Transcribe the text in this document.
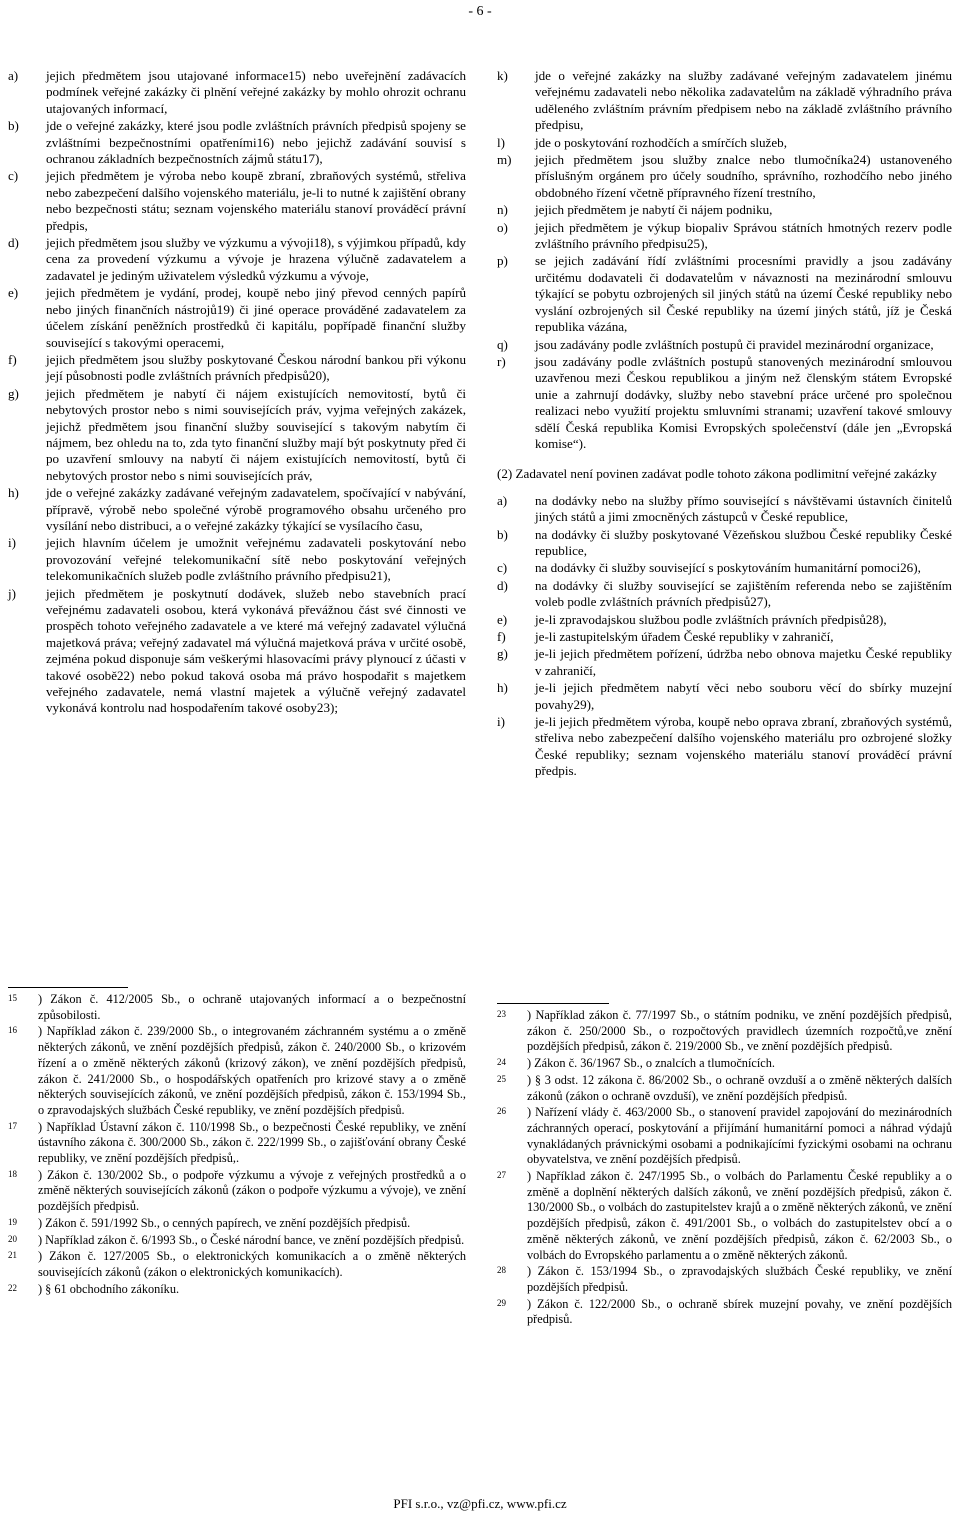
- 6 -
a)	jejich předmětem jsou utajované informace15) nebo uveřejnění zadávacích podmínek veřejné zakázky či plnění veřejné zakázky by mohlo ohrozit ochranu utajovaných informací,
b)	jde o veřejné zakázky, které jsou podle zvláštních právních předpisů spojeny se zvláštními bezpečnostními opatřeními16) nebo jejichž zadávání souvisí s ochranou základních bezpečnostních zájmů státu17),
c)	jejich předmětem je výroba nebo koupě zbraní, zbraňových systémů, střeliva nebo zabezpečení dalšího vojenského materiálu, je-li to nutné k zajištění obrany nebo bezpečnosti státu; seznam vojenského materiálu stanoví prováděcí právní předpis,
d)	jejich předmětem jsou služby ve výzkumu a vývoji18), s výjimkou případů, kdy cena za provedení výzkumu a vývoje je hrazena výlučně zadavatelem a zadavatel je jediným uživatelem výsledků výzkumu a vývoje,
e)	jejich předmětem je vydání, prodej, koupě nebo jiný převod cenných papírů nebo jiných finančních nástrojů19) či jiné operace prováděné zadavatelem za účelem získání peněžních prostředků či kapitálu, popřípadě finanční služby související s takovými operacemi,
f)	jejich předmětem jsou služby poskytované Českou národní bankou při výkonu její působnosti podle zvláštních právních předpisů20),
g)	jejich předmětem je nabytí či nájem existujících nemovitostí, bytů či nebytových prostor nebo s nimi souvisejících práv, vyjma veřejných zakázek, jejichž předmětem jsou finanční služby související s takovým nabytím či nájmem, bez ohledu na to, zda tyto finanční služby mají být poskytnuty před či po uzavření smlouvy na nabytí či nájem existujících nemovitostí, bytů či nebytových prostor nebo s nimi souvisejících práv,
h)	jde o veřejné zakázky zadávané veřejným zadavatelem, spočívající v nabývání, přípravě, výrobě nebo společné výrobě programového obsahu určeného pro vysílání nebo distribuci, a o veřejné zakázky týkající se vysílacího času,
i)	jejich hlavním účelem je umožnit veřejnému zadavateli poskytování nebo provozování veřejné telekomunikační sítě nebo poskytování veřejných telekomunikačních služeb podle zvláštního právního předpisu21),
j)	jejich předmětem je poskytnutí dodávek, služeb nebo stavebních prací veřejnému zadavateli osobou, která vykonává převážnou část své činnosti ve prospěch tohoto veřejného zadavatele a ve které má veřejný zadavatel výlučná majetková práva; veřejný zadavatel má výlučná majetková práva v určité osobě, zejména pokud disponuje sám veškerými hlasovacími právy plynoucí z účasti v takové osobě22) nebo pokud taková osoba má právo hospodařit s majetkem veřejného zadavatele, nemá vlastní majetek a výlučně veřejný zadavatel vykonává kontrolu nad hospodařením takové osoby23);
k)	jde o veřejné zakázky na služby zadávané veřejným zadavatelem jinému veřejnému zadavateli nebo několika zadavatelům na základě výhradního práva uděleného zvláštním právním předpisem nebo na základě zvláštního právního předpisu,
l)	jde o poskytování rozhodčích a smírčích služeb,
m)	jejich předmětem jsou služby znalce nebo tlumočníka24) ustanoveného příslušným orgánem pro účely soudního, správního, rozhodčího nebo jiného obdobného řízení včetně přípravného řízení trestního,
n)	jejich předmětem je nabytí či nájem podniku,
o)	jejich předmětem je výkup biopaliv Správou státních hmotných rezerv podle zvláštního právního předpisu25),
p)	se jejich zadávání řídí zvláštními procesními pravidly a jsou zadávány určitému dodavateli či dodavatelům v návaznosti na mezinárodní smlouvu týkající se pobytu ozbrojených sil jiných států na území České republiky nebo vyslání ozbrojených sil České republiky na území jiných států, jíž je Česká republika vázána,
q)	jsou zadávány podle zvláštních postupů či pravidel mezinárodní organizace,
r)	jsou zadávány podle zvláštních postupů stanovených mezinárodní smlouvou uzavřenou mezi Českou republikou a jiným než členským státem Evropské unie a zahrnují dodávky, služby nebo stavební práce určené pro společnou realizaci nebo využití projektu smluvními stranami; uzavření takové smlouvy sdělí Česká republika Komisi Evropských společenství (dále jen „Evropská komise“).
(2) Zadavatel není povinen zadávat podle tohoto zákona podlimitní veřejné zakázky
a)	na dodávky nebo na služby přímo související s návštěvami ústavních činitelů jiných států a jimi zmocněných zástupců v České republice,
b)	na dodávky či služby poskytované Vězeňskou službou České republiky České republice,
c)	na dodávky či služby související s poskytováním humanitární pomoci26),
d)	na dodávky či služby související se zajištěním referenda nebo se zajištěním voleb podle zvláštních právních předpisů27),
e)	je-li zpravodajskou službou podle zvláštních právních předpisů28),
f)	je-li zastupitelským úřadem České republiky v zahraničí,
g)	je-li jejich předmětem pořízení, údržba nebo obnova majetku České republiky v zahraničí,
h)	je-li jejich předmětem nabytí věci nebo souboru věcí do sbírky muzejní povahy29),
i)	je-li jejich předmětem výroba, koupě nebo oprava zbraní, zbraňových systémů, střeliva nebo zabezpečení dalšího vojenského materiálu pro ozbrojené složky České republiky; seznam vojenského materiálu stanoví prováděcí právní předpis.
15	) Zákon č. 412/2005 Sb., o ochraně utajovaných informací a o bezpečnostní způsobilosti.
16	) Například zákon č. 239/2000 Sb., o integrovaném záchranném systému a o změně některých zákonů, ve znění pozdějších předpisů, zákon č. 240/2000 Sb., o krizovém řízení a o změně některých zákonů (krizový zákon), ve znění pozdějších předpisů, zákon č. 241/2000 Sb., o hospodářských opatřeních pro krizové stavy a o změně některých souvisejících zákonů, ve znění pozdějších předpisů, zákon č. 153/1994 Sb., o zpravodajských službách České republiky, ve znění pozdějších předpisů.
17	) Například Ústavní zákon č. 110/1998 Sb., o bezpečnosti České republiky, ve znění ústavního zákona č. 300/2000 Sb., zákon č. 222/1999 Sb., o zajišťování obrany České republiky, ve znění pozdějších předpisů,.
18	) Zákon č. 130/2002 Sb., o podpoře výzkumu a vývoje z veřejných prostředků a o změně některých souvisejících zákonů (zákon o podpoře výzkumu a vývoje), ve znění pozdějších předpisů.
19	) Zákon č. 591/1992 Sb., o cenných papírech, ve znění pozdějších předpisů.
20	) Například zákon č. 6/1993 Sb., o České národní bance, ve znění pozdějších předpisů.
21	) Zákon č. 127/2005 Sb., o elektronických komunikacích a o změně některých souvisejících zákonů (zákon o elektronických komunikacích).
22	) § 61 obchodního zákoníku.
23	) Například zákon č. 77/1997 Sb., o státním podniku, ve znění pozdějších předpisů, zákon č. 250/2000 Sb., o rozpočtových pravidlech územních rozpočtů,ve znění pozdějších předpisů, zákon č. 219/2000 Sb., ve znění pozdějších předpisů.
24	) Zákon č. 36/1967 Sb., o znalcích a tlumočnících.
25	) § 3 odst. 12 zákona č. 86/2002 Sb., o ochraně ovzduší a o změně některých dalších zákonů (zákon o ochraně ovzduší), ve znění pozdějších předpisů.
26	) Nařízení vlády č. 463/2000 Sb., o stanovení pravidel zapojování do mezinárodních záchranných operací, poskytování a přijímání humanitární pomoci a náhrad výdajů vynakládaných právnickými osobami a podnikajícími fyzickými osobami na ochranu obyvatelstva, ve znění pozdějších předpisů.
27	) Například zákon č. 247/1995 Sb., o volbách do Parlamentu České republiky a o změně a doplnění některých dalších zákonů, ve znění pozdějších předpisů, zákon č. 130/2000 Sb., o volbách do zastupitelstev krajů a o změně některých zákonů, ve znění pozdějších předpisů, zákon č. 491/2001 Sb., o volbách do zastupitelstev obcí a o změně některých zákonů, ve znění pozdějších předpisů, zákon č. 62/2003 Sb., o volbách do Evropského parlamentu a o změně některých zákonů.
28	) Zákon č. 153/1994 Sb., o zpravodajských službách České republiky, ve znění pozdějších předpisů.
29	) Zákon č. 122/2000 Sb., o ochraně sbírek muzejní povahy, ve znění pozdějších předpisů.
PFI s.r.o., vz@pfi.cz, www.pfi.cz
